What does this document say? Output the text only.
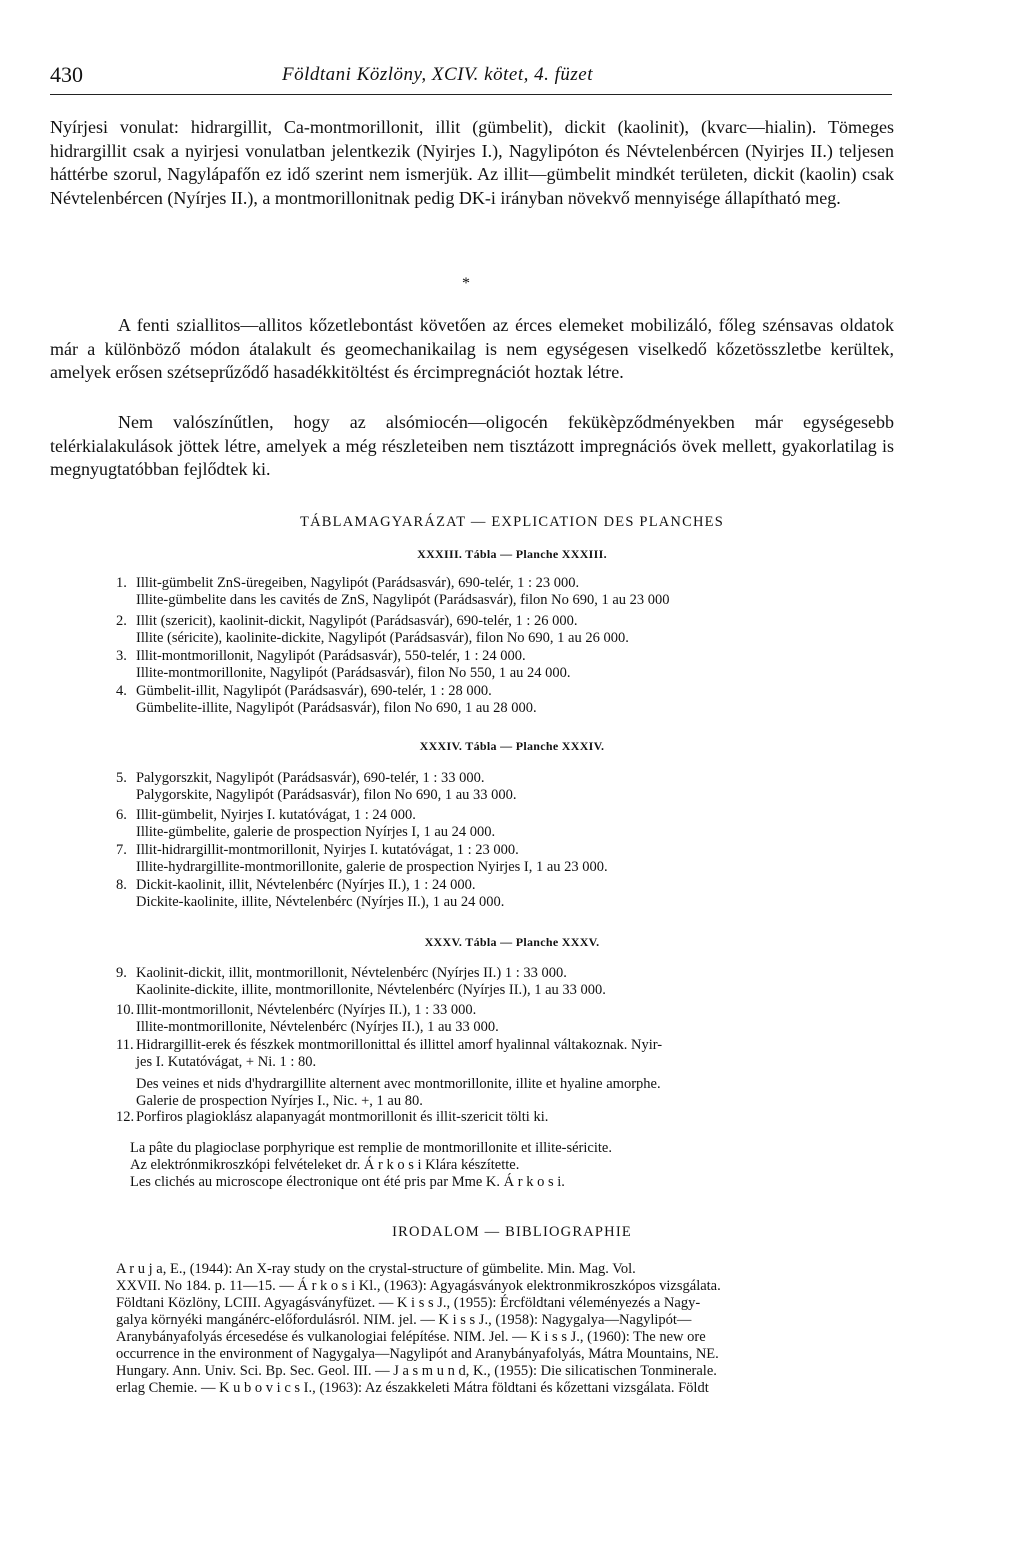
430	Földtani Közlöny, XCIV. kötet, 4. füzet

Nyírjesi vonulat: hidrargillit, Ca-montmorillonit, illit (gümbelit), dickit (kaolinit), (kvarc—hialin). Tömeges hidrargillit csak a nyirjesi vonulatban jelentkezik (Nyirjes I.), Nagylipóton és Névtelenbércen (Nyirjes II.) teljesen háttérbe szorul, Nagylápafőn ez idő szerint nem ismerjük. Az illit—gümbelit mindkét területen, dickit (kaolin) csak Névtelenbércen (Nyírjes II.), a montmorillonitnak pedig DK-i irányban növekvő mennyisége állapítható meg.

*

A fenti sziallitos—allitos kőzetlebontást követően az érces elemeket mobilizáló, főleg szénsavas oldatok már a különböző módon átalakult és geomechanikailag is nem egységesen viselkedő kőzetösszletbe kerültek, amelyek erősen szétseprűződő hasadékkitöltést és ércimpregnációt hoztak létre.

Nem valószínűtlen, hogy az alsómiocén—oligocén fekükèpződményekben már egységesebb telérkialakulások jöttek létre, amelyek a még részleteiben nem tisztázott impregnációs övek mellett, gyakorlatilag is megnyugtatóbban fejlődtek ki.

TÁBLAMAGYARÁZAT — EXPLICATION DES PLANCHES
XXXIII. Tábla — Planche XXXIII.
1. Illit-gümbelit ZnS-üregeiben, Nagylipót (Parádsasvár), 690-telér, 1 : 23 000.
Illite-gümbelite dans les cavités de ZnS, Nagylipót (Parádsasvár), filon No 690, 1 au 23 000
2. Illit (szericit), kaolinit-dickit, Nagylipót (Parádsasvár), 690-telér, 1 : 26 000.
Illite (séricite), kaolinite-dickite, Nagylipót (Parádsasvár), filon No 690, 1 au 26 000.
3. Illit-montmorillonit, Nagylipót (Parádsasvár), 550-telér, 1 : 24 000.
Illite-montmorillonite, Nagylipót (Parádsasvár), filon No 550, 1 au 24 000.
4. Gümbelit-illit, Nagylipót (Parádsasvár), 690-telér, 1 : 28 000.
Gümbelite-illite, Nagylipót (Parádsasvár), filon No 690, 1 au 28 000.
XXXIV. Tábla — Planche XXXIV.
5. Palygorszkit, Nagylipót (Parádsasvár), 690-telér, 1 : 33 000.
Palygorskite, Nagylipót (Parádsasvár), filon No 690, 1 au 33 000.
6. Illit-gümbelit, Nyirjes I. kutatóvágat, 1 : 24 000.
Illite-gümbelite, galerie de prospection Nyírjes I, 1 au 24 000.
7. Illit-hidrargillit-montmorillonit, Nyirjes I. kutatóvágat, 1 : 23 000.
Illite-hydrargillite-montmorillonite, galerie de prospection Nyirjes I, 1 au 23 000.
8. Dickit-kaolinit, illit, Névtelenbérc (Nyírjes II.), 1 : 24 000.
Dickite-kaolinite, illite, Névtelenbérc (Nyírjes II.), 1 au 24 000.
XXXV. Tábla — Planche XXXV.
9. Kaolinit-dickit, illit, montmorillonit, Névtelenbérc (Nyírjes II.) 1 : 33 000.
Kaolinite-dickite, illite, montmorillonite, Névtelenbérc (Nyírjes II.), 1 au 33 000.
10. Illit-montmorillonit, Névtelenbérc (Nyírjes II.), 1 : 33 000.
Illite-montmorillonite, Névtelenbérc (Nyírjes II.), 1 au 33 000.
11. Hidrargillit-erek és fészkek montmorillonittal és illittel amorf hyalinnal váltakoznak. Nyir-
jes I. Kutatóvágat, + Ni. 1 : 80.
Des veines et nids d'hydrargillite alternent avec montmorillonite, illite et hyaline amorphe.
Galerie de prospection Nyírjes I., Nic. +, 1 au 80.
12. Porfiros plagioklász alapanyagát montmorillonit és illit-szericit tölti ki.
La pâte du plagioclase porphyrique est remplie de montmorillonite et illite-séricite.
Az elektrónmikroszkópi felvételeket dr. Á r k o s i Klára készítette.
Les clichés au microscope électronique ont été pris par Mme K. Á r k o s i.
IRODALOM — BIBLIOGRAPHIE
A r u j a, E., (1944): An X-ray study on the crystal-structure of gümbelite. Min. Mag. Vol.
XXVII. No 184. p. 11—15. — Á r k o s i Kl., (1963): Agyagásványok elektronmikroszkópos vizsgálata.
Földtani Közlöny, LCIII. Agyagásványfüzet. — K i s s J., (1955): Ércföldtani véleményezés a Nagy-
galya környéki mangánérc-előfordulásról. NIM. jel. — K i s s J., (1958): Nagygalya—Nagylipót—
Aranybányafolyás ércesedése és vulkanologiai felépítése. NIM. Jel. — K i s s J., (1960): The new ore
occurrence in the environment of Nagygalya—Nagylipót and Aranybányafolyás, Mátra Mountains, NE.
Hungary. Ann. Univ. Sci. Bp. Sec. Geol. III. — J a s m u n d, K., (1955): Die silicatischen Tonminerale.
erlag Chemie. — K u b o v i c s I., (1963): Az északkeleti Mátra földtani és kőzettani vizsgálata. Földt
